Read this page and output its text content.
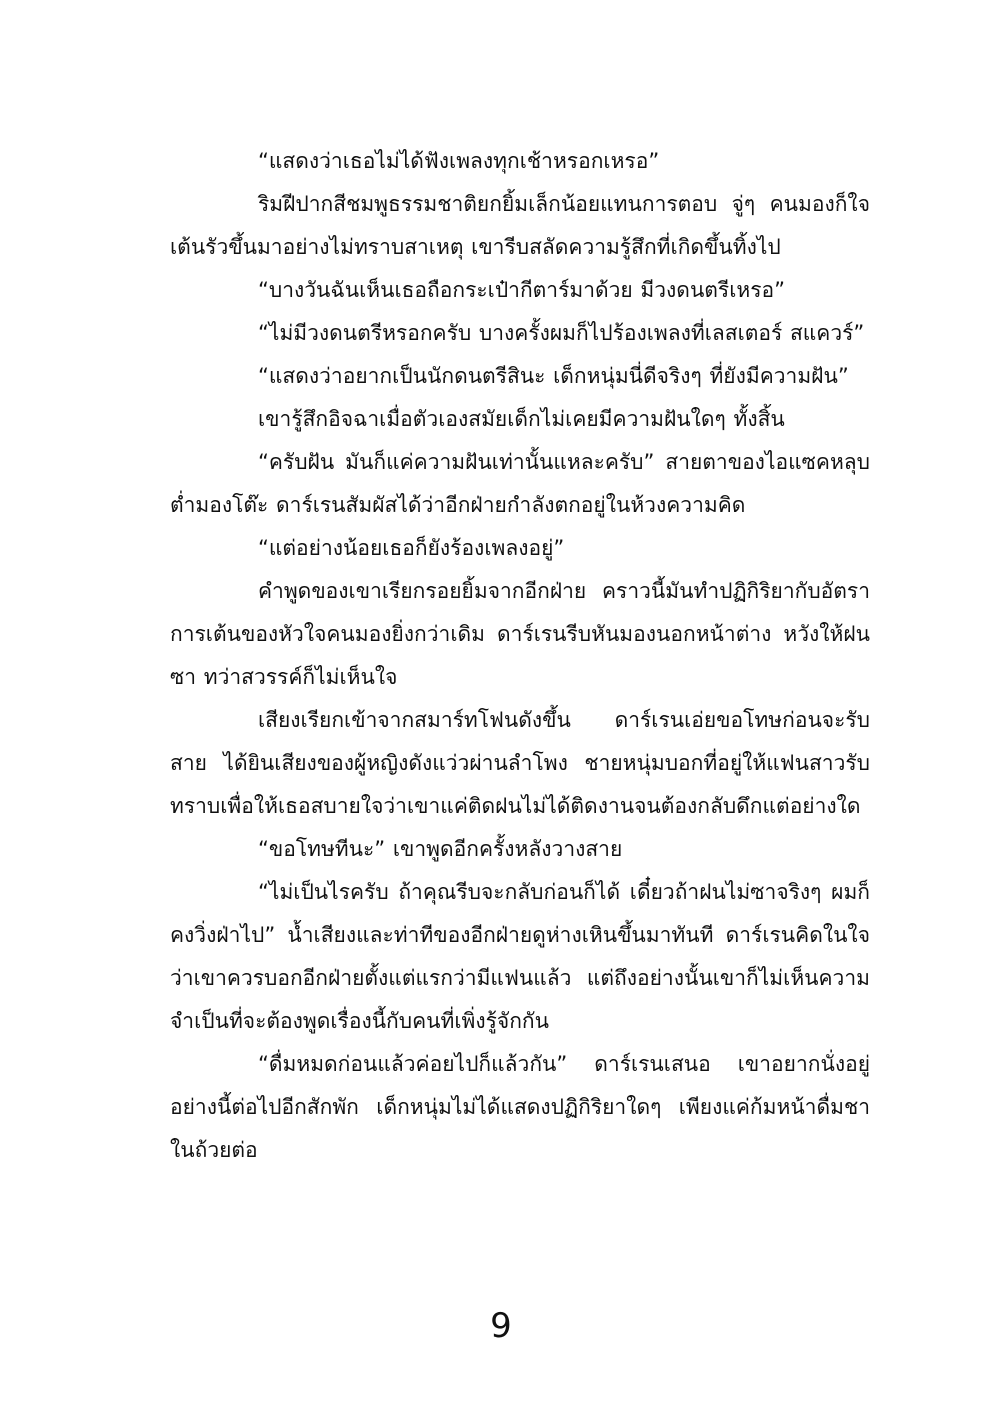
“แสดงว่าเธอไม่ได้ฟังเพลงทุกเช้าหรอกเหรอ”

ริมฝีปากสีชมพูธรรมชาติยกยิ้มเล็กน้อยแทนการตอบ จู่ๆ คนมองก็ใจเต้นรัวขึ้นมาอย่างไม่ทราบสาเหตุ เขารีบสลัดความรู้สึกที่เกิดขึ้นทิ้งไป

“บางวันฉันเห็นเธอถือกระเป๋ากีตาร์มาด้วย มีวงดนตรีเหรอ”

“ไม่มีวงดนตรีหรอกครับ บางครั้งผมก็ไปร้องเพลงที่เลสเตอร์ สแควร์”

“แสดงว่าอยากเป็นนักดนตรีสินะ เด็กหนุ่มนี่ดีจริงๆ ที่ยังมีความฝัน”

เขารู้สึกอิจฉาเมื่อตัวเองสมัยเด็กไม่เคยมีความฝันใดๆ ทั้งสิ้น

“ครับฝัน มันก็แค่ความฝันเท่านั้นแหละครับ” สายตาของไอแซคหลุบต่ำมองโต๊ะ ดาร์เรนสัมผัสได้ว่าอีกฝ่ายกำลังตกอยู่ในห้วงความคิด

“แต่อย่างน้อยเธอก็ยังร้องเพลงอยู่”

คำพูดของเขาเรียกรอยยิ้มจากอีกฝ่าย คราวนี้มันทำปฏิกิริยากับอัตราการเต้นของหัวใจคนมองยิ่งกว่าเดิม ดาร์เรนรีบหันมองนอกหน้าต่าง หวังให้ฝนซา ทว่าสวรรค์ก็ไม่เห็นใจ

เสียงเรียกเข้าจากสมาร์ทโฟนดังขึ้น ดาร์เรนเอ่ยขอโทษก่อนจะรับสาย ได้ยินเสียงของผู้หญิงดังแว่วผ่านลำโพง ชายหนุ่มบอกที่อยู่ให้แฟนสาวรับทราบเพื่อให้เธอสบายใจว่าเขาแค่ติดฝนไม่ได้ติดงานจนต้องกลับดึกแต่อย่างใด

“ขอโทษทีนะ” เขาพูดอีกครั้งหลังวางสาย

“ไม่เป็นไรครับ ถ้าคุณรีบจะกลับก่อนก็ได้ เดี๋ยวถ้าฝนไม่ซาจริงๆ ผมก็คงวิ่งฝ่าไป” น้ำเสียงและท่าทีของอีกฝ่ายดูห่างเหินขึ้นมาทันที ดาร์เรนคิดในใจว่าเขาควรบอกอีกฝ่ายตั้งแต่แรกว่ามีแฟนแล้ว แต่ถึงอย่างนั้นเขาก็ไม่เห็นความจำเป็นที่จะต้องพูดเรื่องนี้กับคนที่เพิ่งรู้จักกัน

“ดื่มหมดก่อนแล้วค่อยไปก็แล้วกัน” ดาร์เรนเสนอ เขาอยากนั่งอยู่อย่างนี้ต่อไปอีกสักพัก เด็กหนุ่มไม่ได้แสดงปฏิกิริยาใดๆ เพียงแค่ก้มหน้าดื่มชาในถ้วยต่อ

9
